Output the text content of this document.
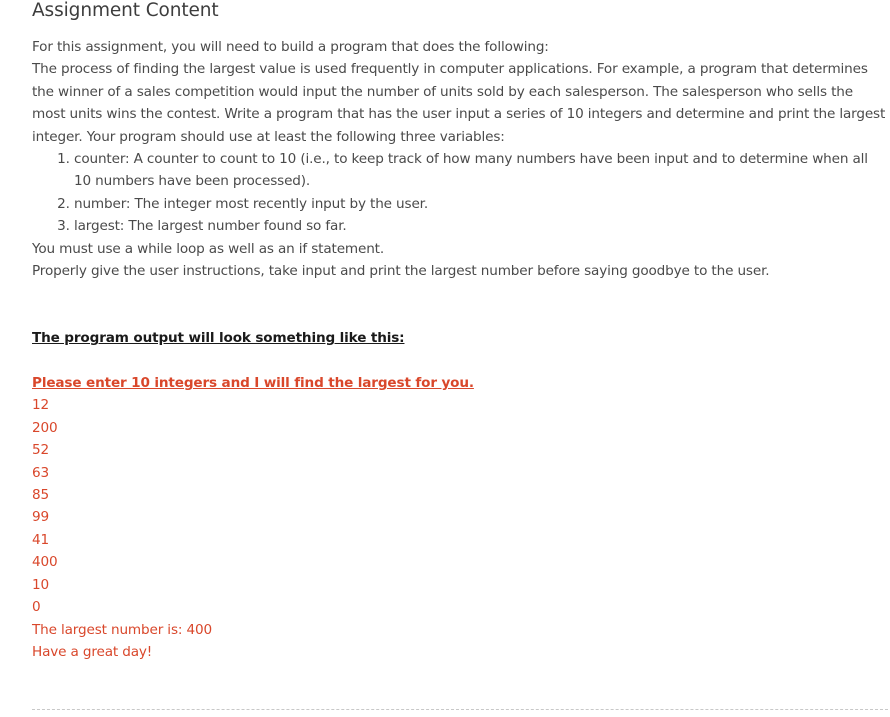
Assignment Content

For this assignment, you will need to build a program that does the following:

The process of finding the largest value is used frequently in computer applications. For example, a program that determines the winner of a sales competition would input the number of units sold by each salesperson. The salesperson who sells the most units wins the contest. Write a program that has the user input a series of 10 integers and determine and print the largest integer. Your program should use at least the following three variables:

1. counter: A counter to count to 10 (i.e., to keep track of how many numbers have been input and to determine when all 10 numbers have been processed).
2. number: The integer most recently input by the user.
3. largest: The largest number found so far.

You must use a while loop as well as an if statement.

Properly give the user instructions, take input and print the largest number before saying goodbye to the user.

The program output will look something like this:

Please enter 10 integers and I will find the largest for you.

12

200

52

63

85

99

41

400

10

0

The largest number is: 400

Have a great day!
